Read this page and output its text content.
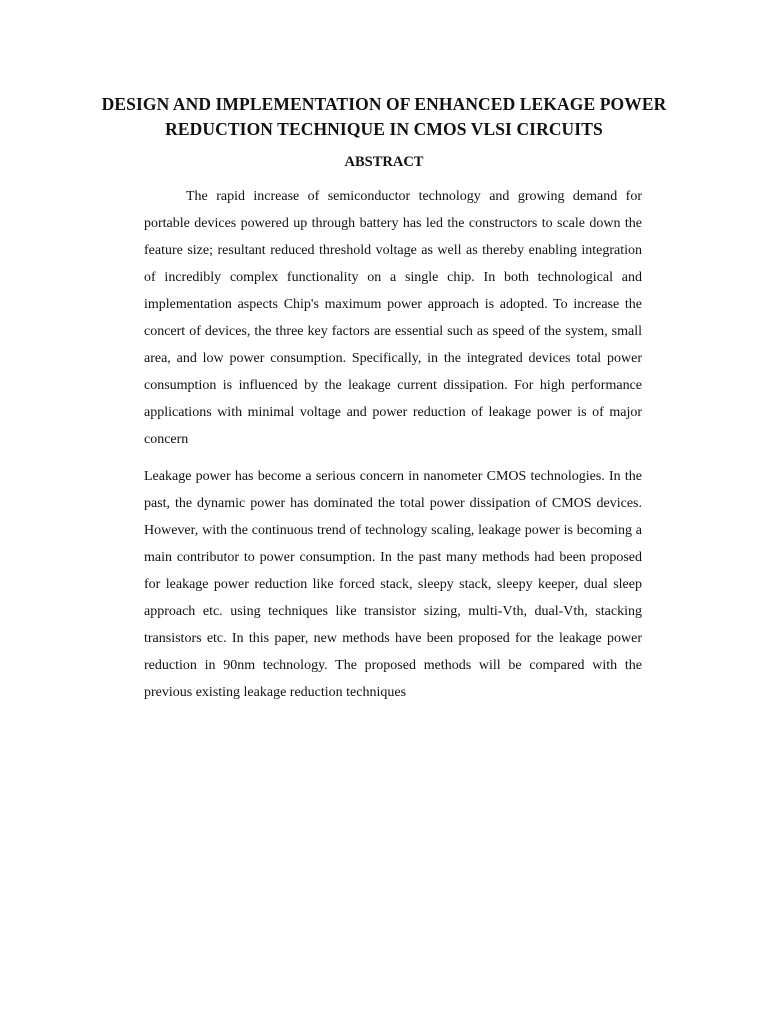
DESIGN AND IMPLEMENTATION OF ENHANCED LEKAGE POWER REDUCTION TECHNIQUE IN CMOS VLSI CIRCUITS
ABSTRACT

The rapid increase of semiconductor technology and growing demand for portable devices powered up through battery has led the constructors to scale down the feature size; resultant reduced threshold voltage as well as thereby enabling integration of incredibly complex functionality on a single chip. In both technological and implementation aspects Chip's maximum power approach is adopted. To increase the concert of devices, the three key factors are essential such as speed of the system, small area, and low power consumption. Specifically, in the integrated devices total power consumption is influenced by the leakage current dissipation. For high performance applications with minimal voltage and power reduction of leakage power is of major concern

Leakage power has become a serious concern in nanometer CMOS technologies. In the past, the dynamic power has dominated the total power dissipation of CMOS devices. However, with the continuous trend of technology scaling, leakage power is becoming a main contributor to power consumption. In the past many methods had been proposed for leakage power reduction like forced stack, sleepy stack, sleepy keeper, dual sleep approach etc. using techniques like transistor sizing, multi-Vth, dual-Vth, stacking transistors etc. In this paper, new methods have been proposed for the leakage power reduction in 90nm technology. The proposed methods will be compared with the previous existing leakage reduction techniques
